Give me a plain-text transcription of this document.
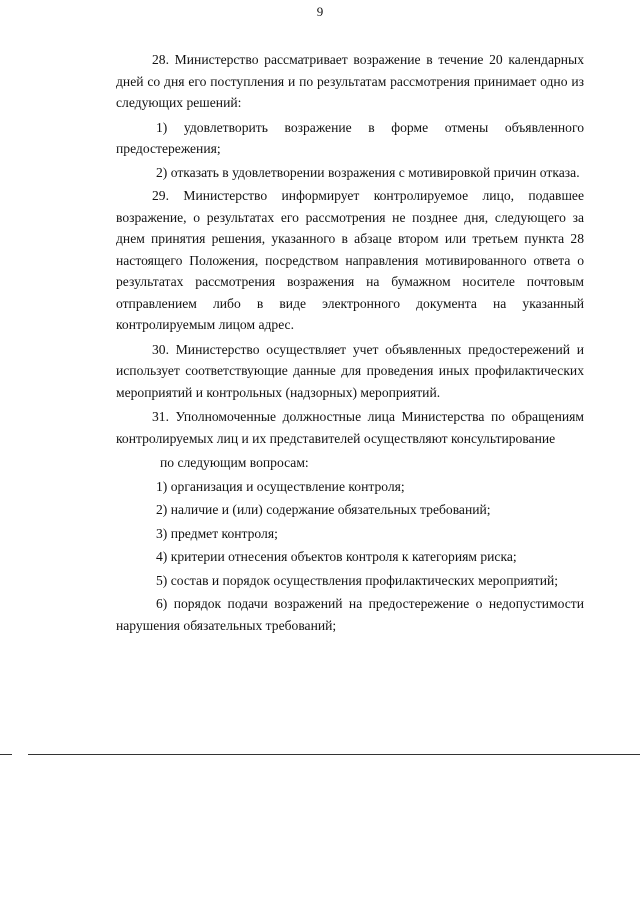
9

28. Министерство рассматривает возражение в течение 20 календарных дней со дня его поступления и по результатам рассмотрения принимает одно из следующих решений:

1) удовлетворить возражение в форме отмены объявленного предостережения;

2) отказать в удовлетворении возражения с мотивировкой причин отказа.

29. Министерство информирует контролируемое лицо, подавшее возражение, о результатах его рассмотрения не позднее дня, следующего за днем принятия решения, указанного в абзаце втором или третьем пункта 28 настоящего Положения, посредством направления мотивированного ответа о результатах рассмотрения возражения на бумажном носителе почтовым отправлением либо в виде электронного документа на указанный контролируемым лицом адрес.

30. Министерство осуществляет учет объявленных предостережений и использует соответствующие данные для проведения иных профилактических мероприятий и контрольных (надзорных) мероприятий.

31. Уполномоченные должностные лица Министерства по обращениям контролируемых лиц и их представителей осуществляют консультирование

по следующим вопросам:

1) организация и осуществление контроля;

2) наличие и (или) содержание обязательных требований;

3) предмет контроля;

4) критерии отнесения объектов контроля к категориям риска;

5) состав и порядок осуществления профилактических мероприятий;

6) порядок подачи возражений на предостережение о недопустимости нарушения обязательных требований;
